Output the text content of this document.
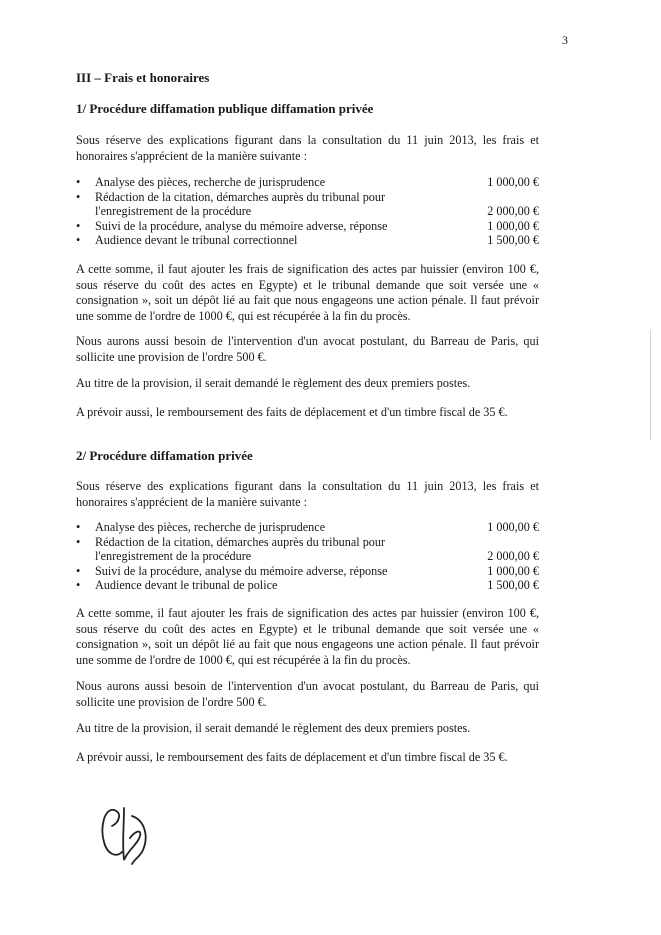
3
III – Frais et honoraires
1/ Procédure diffamation publique diffamation privée

Sous réserve des explications figurant dans la consultation du 11 juin 2013, les frais et honoraires s'apprécient de la manière suivante :

• Analyse des pièces, recherche de jurisprudence	1 000,00 €
• Rédaction de la citation, démarches auprès du tribunal pour l'enregistrement de la procédure	2 000,00 €
• Suivi de la procédure, analyse du mémoire adverse, réponse	1 000,00 €
• Audience devant le tribunal correctionnel	1 500,00 €

A cette somme, il faut ajouter les frais de signification des actes par huissier (environ 100 €, sous réserve du coût des actes en Egypte) et le tribunal demande que soit versée une « consignation », soit un dépôt lié au fait que nous engageons une action pénale. Il faut prévoir une somme de l'ordre de 1000 €, qui est récupérée à la fin du procès.

Nous aurons aussi besoin de l'intervention d'un avocat postulant, du Barreau de Paris, qui sollicite une provision de l'ordre 500 €.

Au titre de la provision, il serait demandé le règlement des deux premiers postes.

A prévoir aussi, le remboursement des faits de déplacement et d'un timbre fiscal de 35 €.

2/ Procédure diffamation privée

Sous réserve des explications figurant dans la consultation du 11 juin 2013, les frais et honoraires s'apprécient de la manière suivante :

• Analyse des pièces, recherche de jurisprudence	1 000,00 €
• Rédaction de la citation, démarches auprès du tribunal pour l'enregistrement de la procédure	2 000,00 €
• Suivi de la procédure, analyse du mémoire adverse, réponse	1 000,00 €
• Audience devant le tribunal de police	1 500,00 €

A cette somme, il faut ajouter les frais de signification des actes par huissier (environ 100 €, sous réserve du coût des actes en Egypte) et le tribunal demande que soit versée une « consignation », soit un dépôt lié au fait que nous engageons une action pénale. Il faut prévoir une somme de l'ordre de 1000 €, qui est récupérée à la fin du procès.

Nous aurons aussi besoin de l'intervention d'un avocat postulant, du Barreau de Paris, qui sollicite une provision de l'ordre 500 €.

Au titre de la provision, il serait demandé le règlement des deux premiers postes.

A prévoir aussi, le remboursement des faits de déplacement et d'un timbre fiscal de 35 €.
